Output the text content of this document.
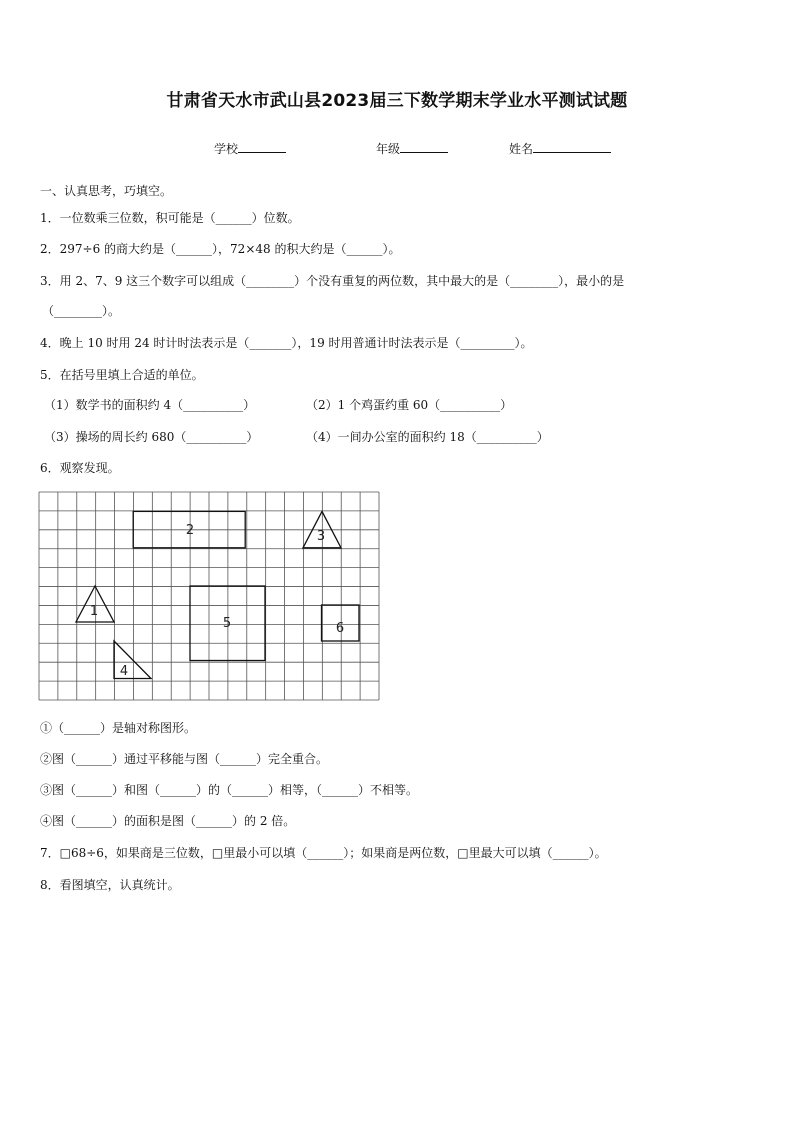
甘肃省天水市武山县2023届三下数学期末学业水平测试试题
学校	年级	姓名
一、认真思考，巧填空。
1．一位数乘三位数，积可能是（______）位数。
2．297÷6 的商大约是（______），72×48 的积大约是（______）。
3．用 2、7、9 这三个数字可以组成（________）个没有重复的两位数，其中最大的是（________），最小的是
（________）。
4．晚上 10 时用 24 时计时法表示是（_______），19 时用普通计时法表示是（_________）。
5．在括号里填上合适的单位。
（1）数学书的面积约 4（__________）	（2）1 个鸡蛋约重 60（__________）
（3）操场的周长约 680（__________）	（4）一间办公室的面积约 18（__________）
6．观察发现。
2	3
1
5	6
4
①（______）是轴对称图形。
②图（______）通过平移能与图（______）完全重合。
③图（______）和图（______）的（______）相等，（______）不相等。
④图（______）的面积是图（______）的 2 倍。
7．□68÷6，如果商是三位数，□里最小可以填（______）；如果商是两位数，□里最大可以填（______）。
8．看图填空，认真统计。
